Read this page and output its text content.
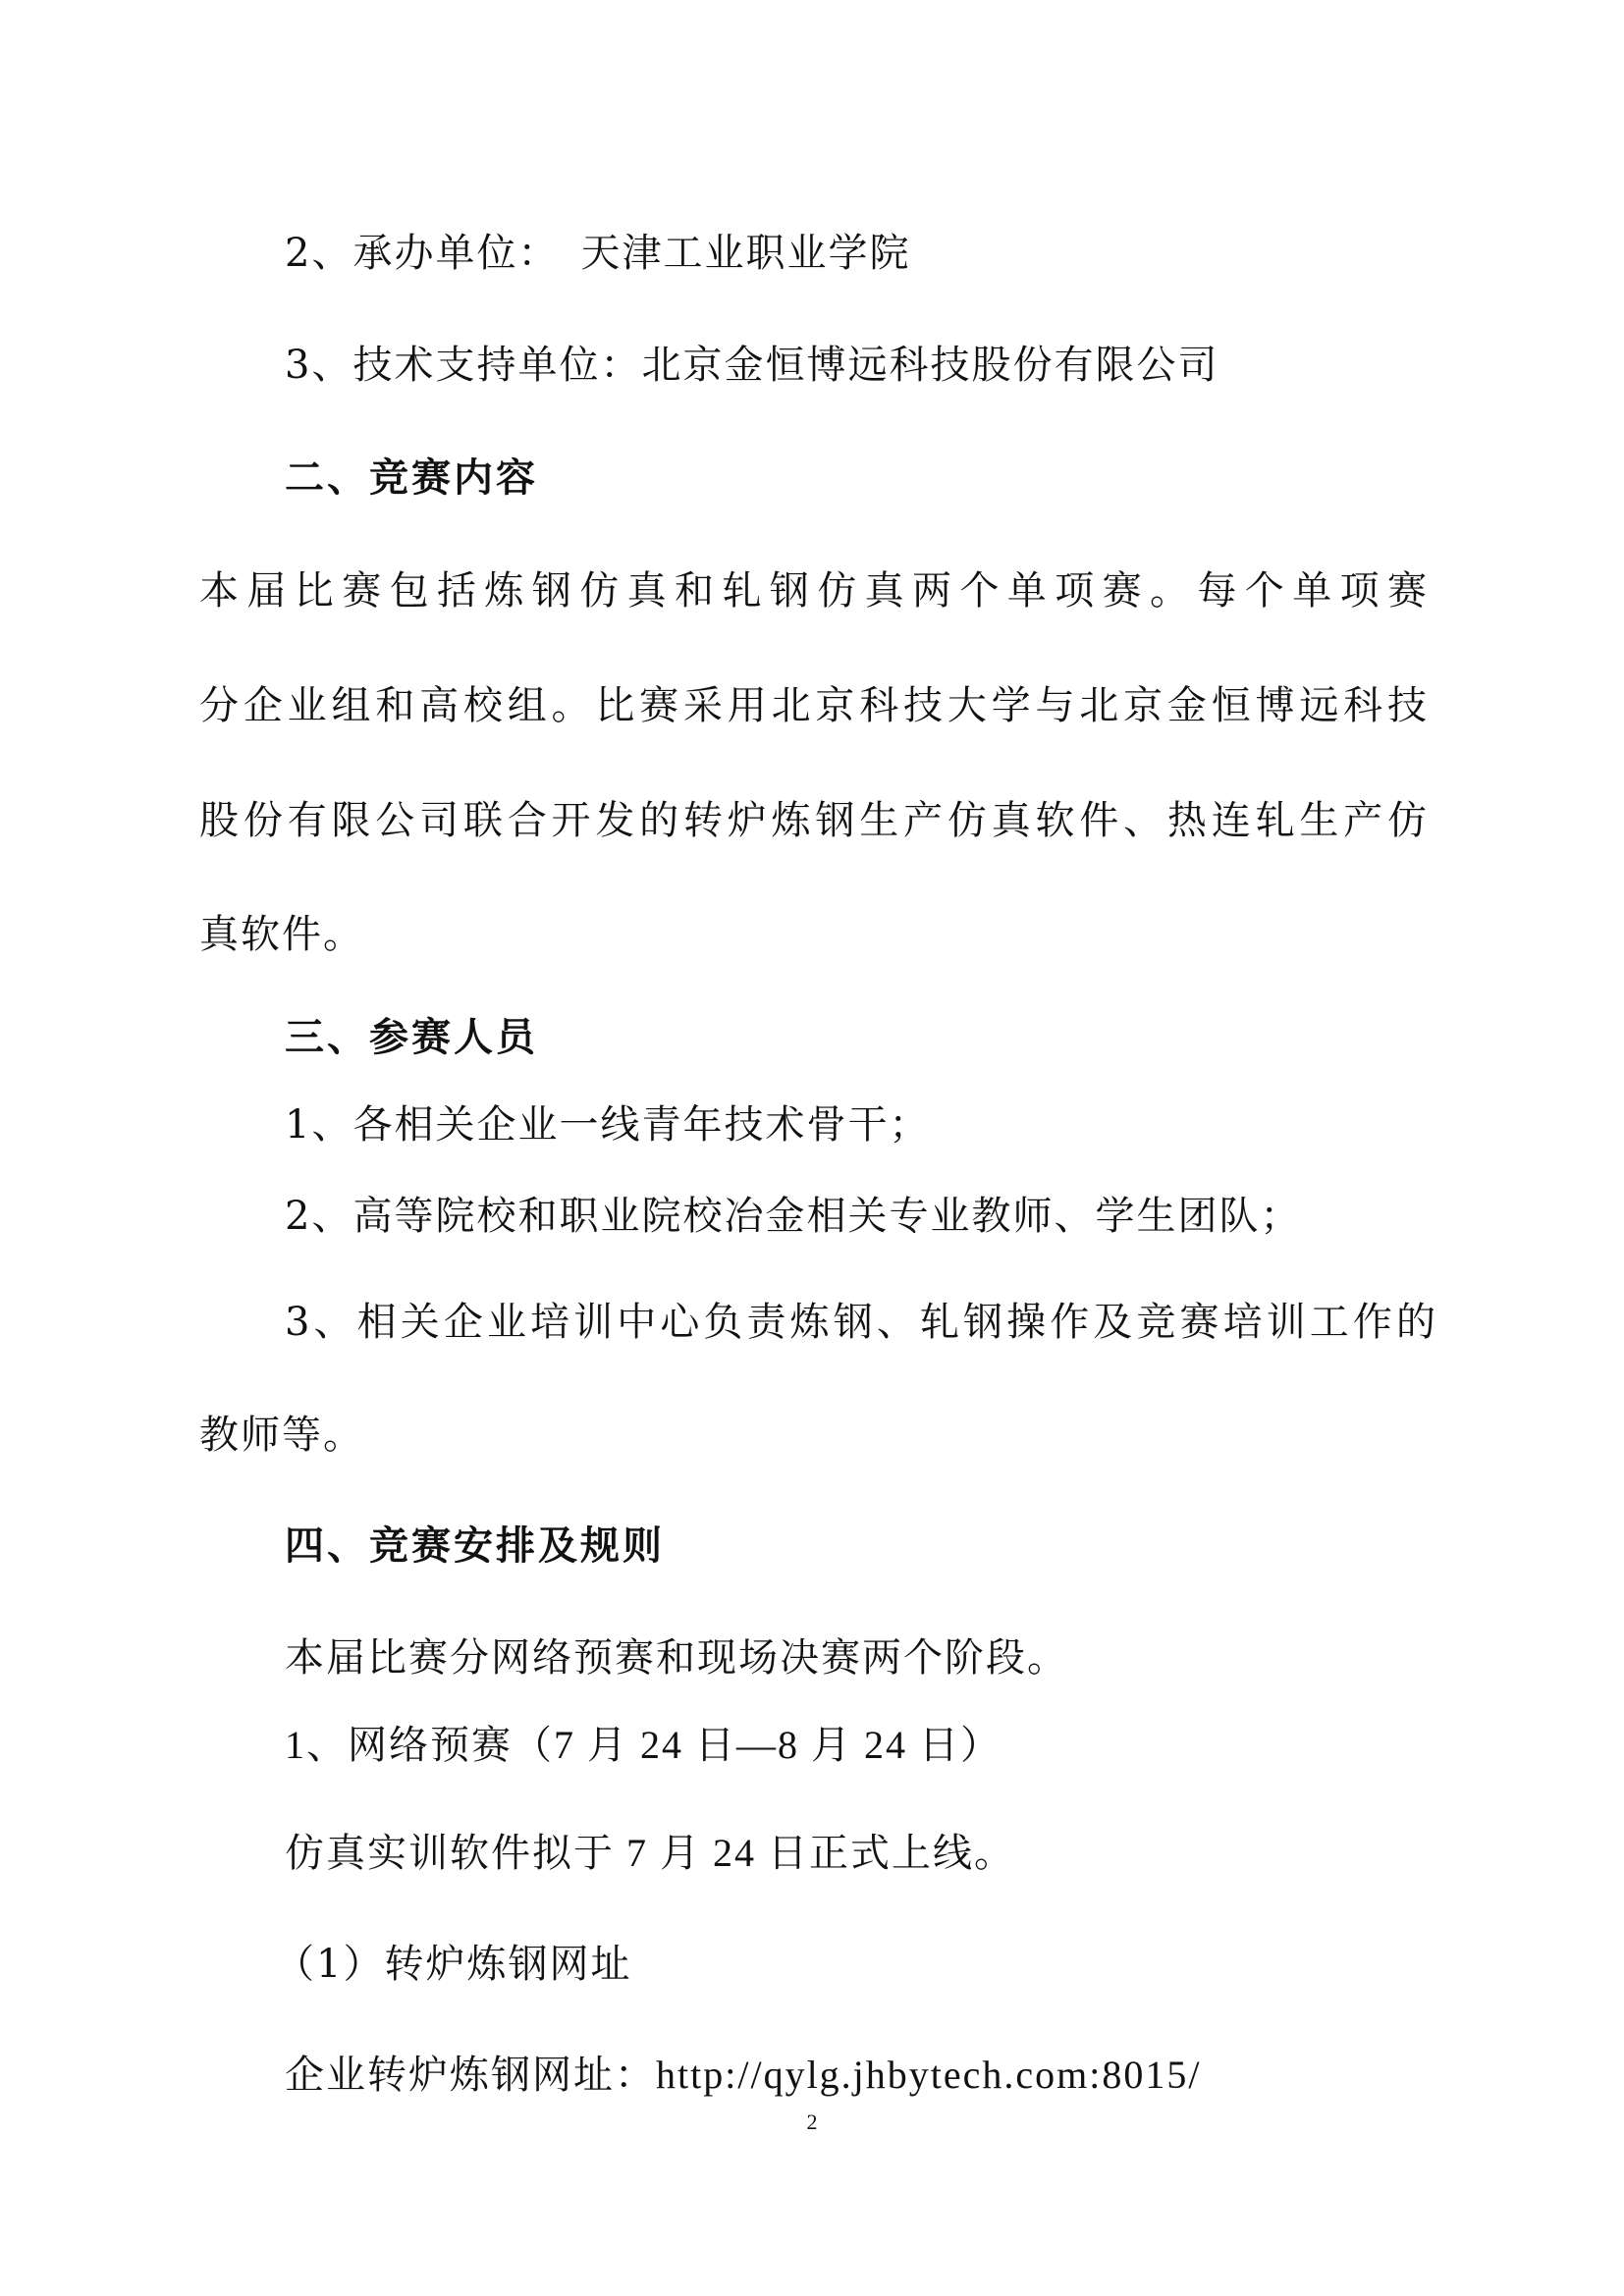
2、承办单位：　天津工业职业学院
3、技术支持单位：北京金恒博远科技股份有限公司
二、竞赛内容
本届比赛包括炼钢仿真和轧钢仿真两个单项赛。每个单项赛
分企业组和高校组。比赛采用北京科技大学与北京金恒博远科技
股份有限公司联合开发的转炉炼钢生产仿真软件、热连轧生产仿
真软件。
三、参赛人员
1、各相关企业一线青年技术骨干；
2、高等院校和职业院校冶金相关专业教师、学生团队；
3、相关企业培训中心负责炼钢、轧钢操作及竞赛培训工作的
教师等。
四、竞赛安排及规则
本届比赛分网络预赛和现场决赛两个阶段。
1、网络预赛（7 月 24 日—8 月 24 日）
仿真实训软件拟于 7 月 24 日正式上线。
（1）转炉炼钢网址
企业转炉炼钢网址：http://qylg.jhbytech.com:8015/
2
